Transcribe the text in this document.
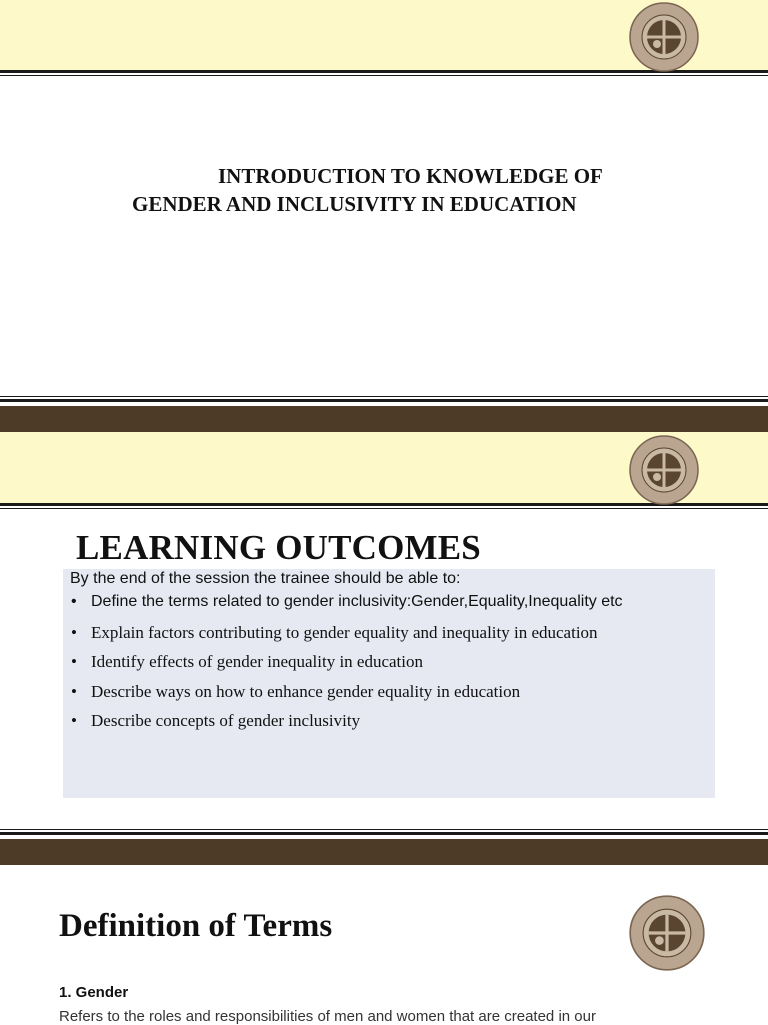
INTRODUCTION TO KNOWLEDGE OF
GENDER AND INCLUSIVITY IN EDUCATION
LEARNING OUTCOMES
By the end of the session the trainee should be able to:
• Define the terms related to gender inclusivity:Gender,Equality,Inequality etc
• Explain factors contributing to gender equality and inequality in education
• Identify effects of gender inequality in education
• Describe ways on how to enhance gender equality in education
• Describe concepts of gender inclusivity
Definition of Terms
1. Gender
Refers to the roles and responsibilities of men and women that are created in our
